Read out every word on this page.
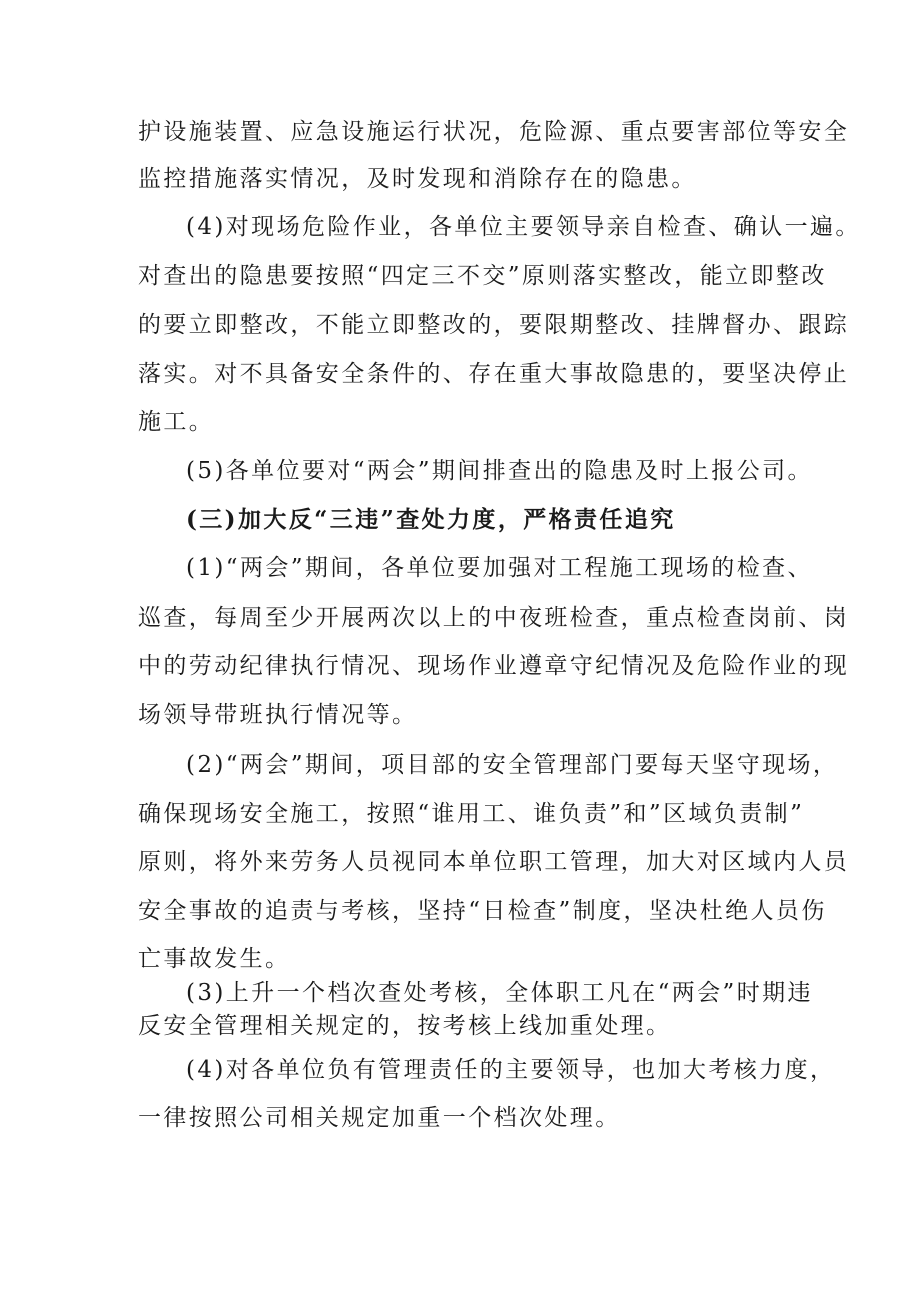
护设施装置、应急设施运行状况，危险源、重点要害部位等安全
监控措施落实情况，及时发现和消除存在的隐患。
(4)对现场危险作业，各单位主要领导亲自检查、确认一遍。
对查出的隐患要按照“四定三不交”原则落实整改，能立即整改
的要立即整改，不能立即整改的，要限期整改、挂牌督办、跟踪
落实。对不具备安全条件的、存在重大事故隐患的，要坚决停止
施工。
(5)各单位要对“两会”期间排查出的隐患及时上报公司。
(三)加大反“三违”查处力度，严格责任追究
(1)“两会”期间，各单位要加强对工程施工现场的检查、
巡查，每周至少开展两次以上的中夜班检查，重点检查岗前、岗
中的劳动纪律执行情况、现场作业遵章守纪情况及危险作业的现
场领导带班执行情况等。
(2)“两会”期间，项目部的安全管理部门要每天坚守现场，
确保现场安全施工，按照“谁用工、谁负责”和”区域负责制”
原则，将外来劳务人员视同本单位职工管理，加大对区域内人员
安全事故的追责与考核，坚持“日检查”制度，坚决杜绝人员伤
亡事故发生。
(3)上升一个档次查处考核，全体职工凡在“两会”时期违
反安全管理相关规定的，按考核上线加重处理。
(4)对各单位负有管理责任的主要领导，也加大考核力度，
一律按照公司相关规定加重一个档次处理。
